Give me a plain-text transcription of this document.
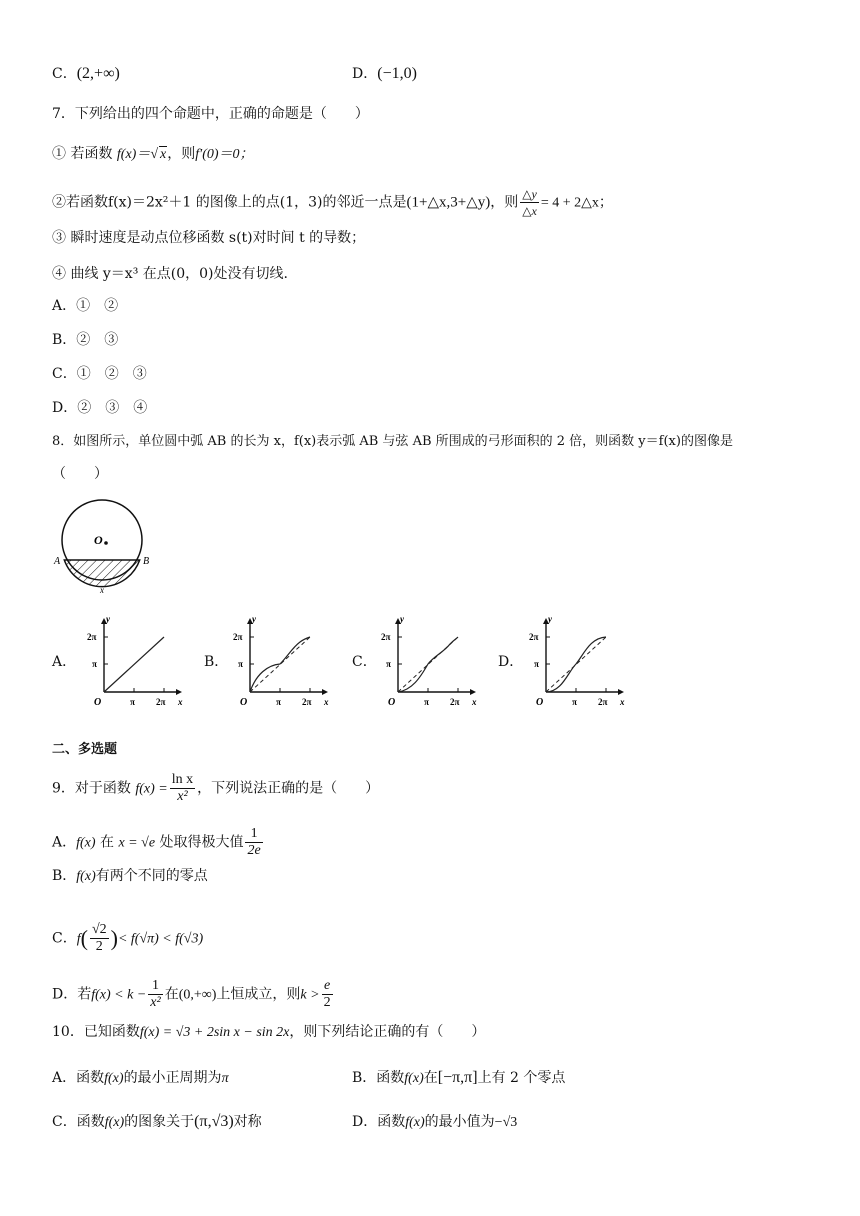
C．(2,+∞)	D．(−1,0)
7．下列给出的四个命题中，正确的命题是（　　）
① 若函数 f(x)＝√ x，则f′(0)＝0；
②若函数f(x)＝2x²＋1 的图像上的点(1，3)的邻近一点是(1+△x,3+△y)，则 $\frac{\triangle y}{\triangle x} = 4$ + 2△x；
③ 瞬时速度是动点位移函数 s(t)对时间 t 的导数；
④ 曲线 y＝x³ 在点(0，0)处没有切线.
A．①　②
B．②　③
C．①　②　③
D．②　③　④
8．如图所示，单位圆中弧 AB 的长为 x，f(x)表示弧 AB 与弦 AB 所围成的弓形面积的 2 倍，则函数 y＝f(x)的图像是
（　　）
O
A	B
x
A．	B．	C．	D．
y
x
O
2π
π
π 2π
y
x
O
2π
π
π 2π
y
x
O
2π
π
π 2π
y
x
O
2π
π
π 2π
二、多选题
9．对于函数 $f(x) = \frac{\text{ln x}}{\text{x²}}$ ，下列说法正确的是（　　）
A．f(x) 在 x = √e 处取得极大值 $\frac{1}{2e}$
B．f(x)有两个不同的零点
C．$f( \frac{√2}{2}$ )< f(√π) < f(√3)
D．若$f(x) < k - \frac{1}{\text{x²}}$ 在(0,+∞)上恒成立，则$k > \frac{e}{2}$
10．已知函数f(x) = √3 + 2sin x − sin 2x，则下列结论正确的有（　　）
A．函数f(x)的最小正周期为π	B．函数f(x)在[−π,π]上有 2 个零点
C．函数f(x)的图象关于(π,√3)对称	D．函数f(x)的最小值为−√3
